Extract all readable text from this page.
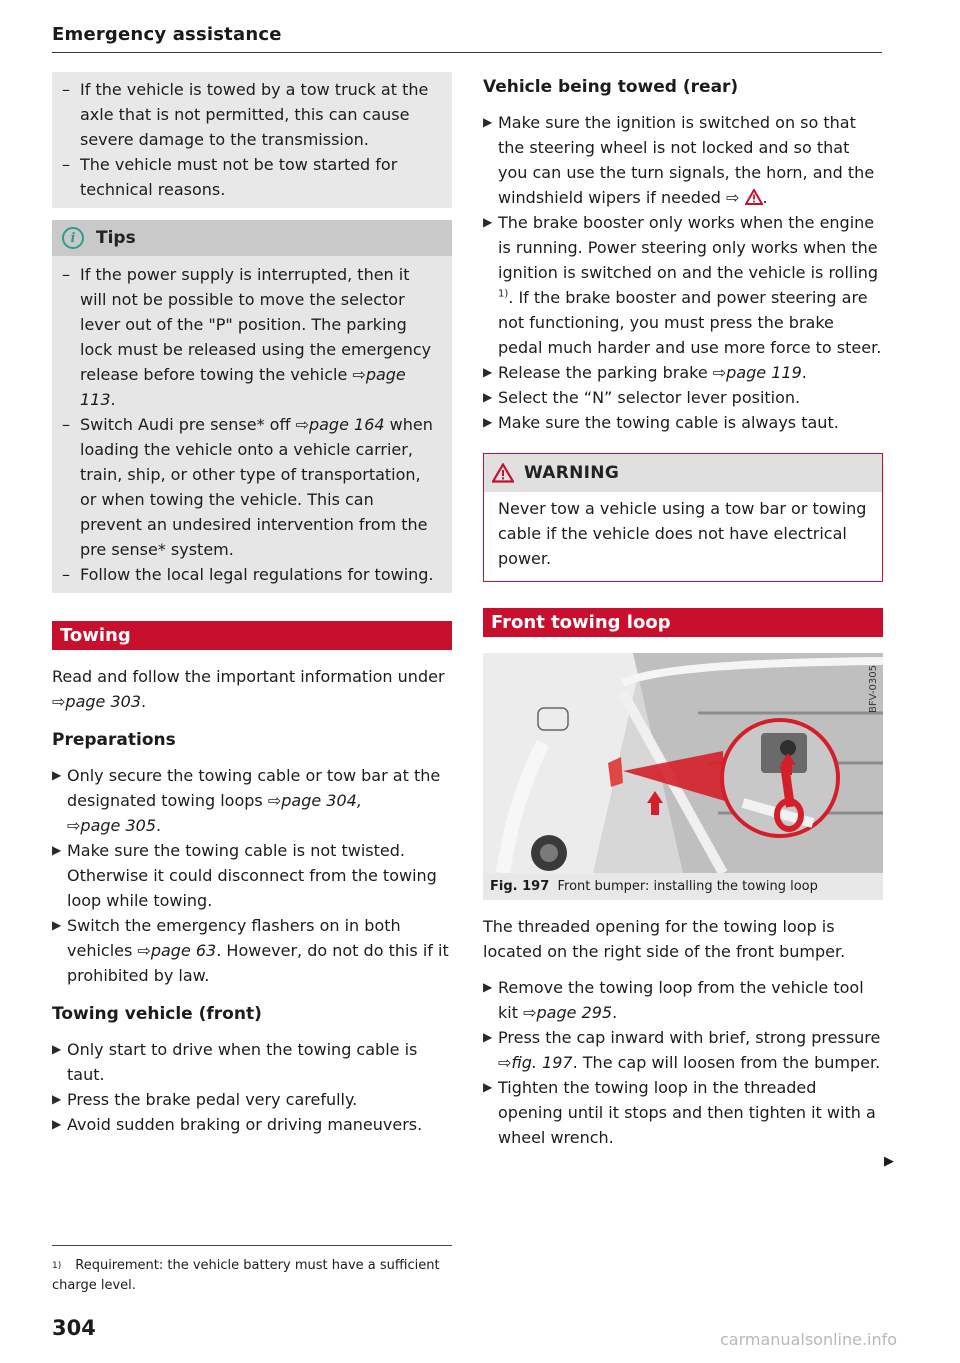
Emergency assistance
– If the vehicle is towed by a tow truck at the axle that is not permitted, this can cause severe damage to the transmission.
– The vehicle must not be tow started for technical reasons.
i	Tips
– If the power supply is interrupted, then it will not be possible to move the selector lever out of the "P" position. The parking lock must be released using the emergency release before towing the vehicle ⇨page 113.
– Switch Audi pre sense* off ⇨page 164 when loading the vehicle onto a vehicle carrier, train, ship, or other type of transportation, or when towing the vehicle. This can prevent an undesired intervention from the pre sense* system.
– Follow the local legal regulations for towing.
Towing
Read and follow the important information under ⇨page 303.
Preparations
▶ Only secure the towing cable or tow bar at the designated towing loops ⇨page 304,
⇨page 305.
▶ Make sure the towing cable is not twisted. Otherwise it could disconnect from the towing loop while towing.
▶ Switch the emergency flashers on in both vehicles ⇨page 63. However, do not do this if it prohibited by law.
Towing vehicle (front)
▶ Only start to drive when the towing cable is taut.
▶ Press the brake pedal very carefully.
▶ Avoid sudden braking or driving maneuvers.
$^{1)}$ Requirement: the vehicle battery must have a sufficient charge level.
304
Vehicle being towed (rear)
▶ Make sure the ignition is switched on so that the steering wheel is not locked and so that you can use the turn signals, the horn, and the windshield wipers if needed ⇨ .
▶ The brake booster only works when the engine is running. Power steering only works when the ignition is switched on and the vehicle is rolling $^{1)}$. If the brake booster and power steering are not functioning, you must press the brake pedal much harder and use more force to steer.
▶ Release the parking brake ⇨page 119.
▶ Select the “N” selector lever position.
▶ Make sure the towing cable is always taut.
WARNING
Never tow a vehicle using a tow bar or towing cable if the vehicle does not have electrical power.
Front towing loop
BFV-0305
Fig. 197 Front bumper: installing the towing loop
The threaded opening for the towing loop is located on the right side of the front bumper.
▶ Remove the towing loop from the vehicle tool kit ⇨page 295.
▶ Press the cap inward with brief, strong pressure ⇨fig. 197. The cap will loosen from the bumper.
▶ Tighten the towing loop in the threaded opening until it stops and then tighten it with a wheel wrench.
▶
carmanualsonline.info
